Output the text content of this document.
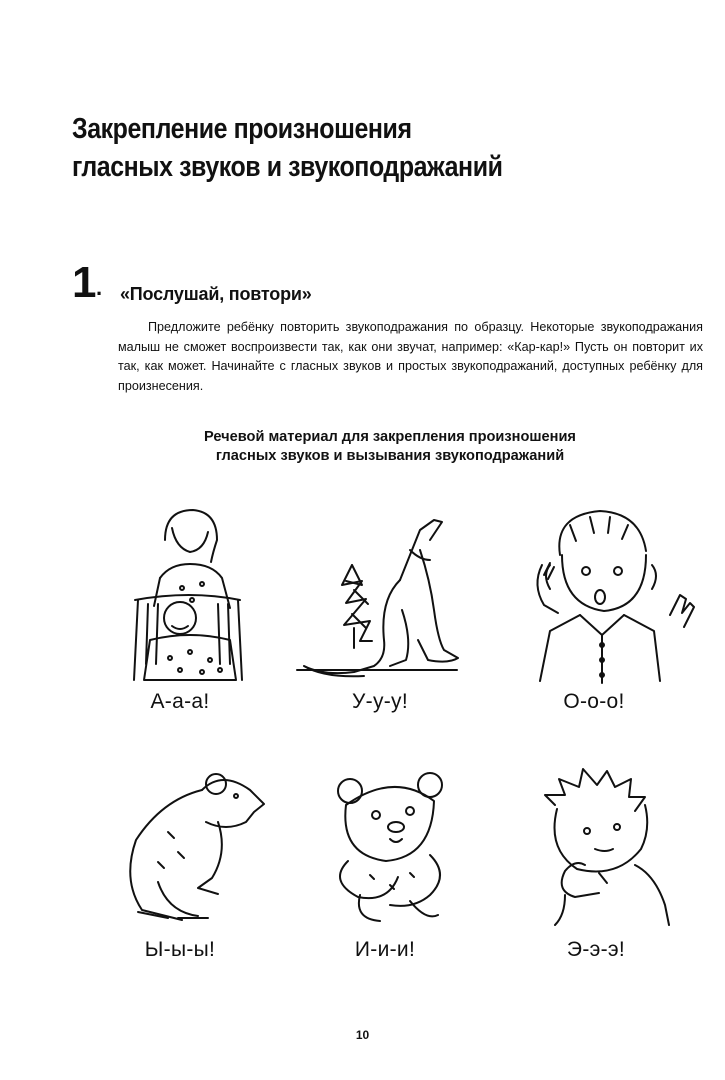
Закрепление произношения
гласных звуков и звукоподражаний
1 . «Послушай, повтори»

Предложите ребёнку повторить звукоподражания по образцу. Некоторые звукоподражания малыш не сможет воспроизвести так, как они звучат, например: «Кар-кар!» Пусть он повторит их так, как может. Начинайте с гласных звуков и простых звукоподражаний, доступных ребёнку для произнесения.

Речевой материал для закрепления произношения
гласных звуков и вызывания звукоподражаний
А-а-а!	У-у-у!	О-о-о!
Ы-ы-ы!	И-и-и!	Э-э-э!
10
